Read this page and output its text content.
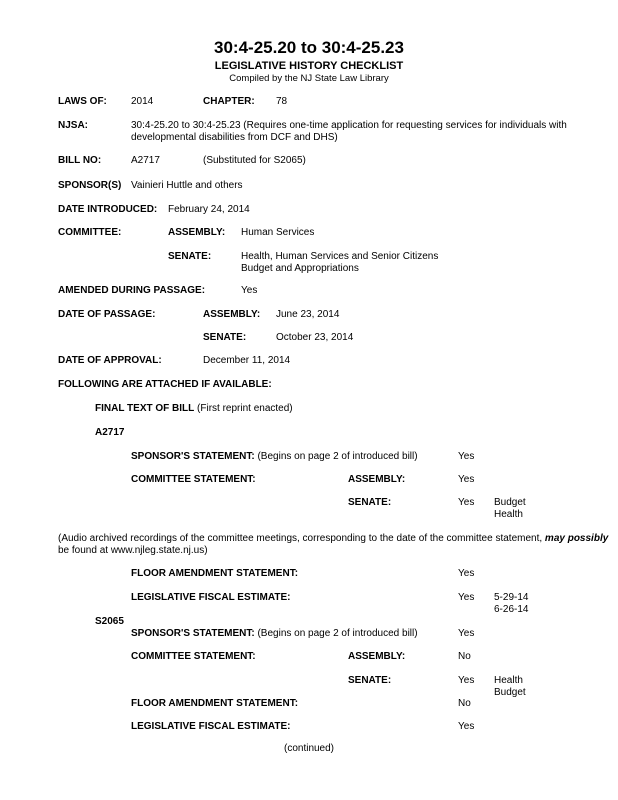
30:4-25.20 to 30:4-25.23
LEGISLATIVE HISTORY CHECKLIST
Compiled by the NJ State Law Library
LAWS OF: 2014	CHAPTER: 78
NJSA:	30:4-25.20 to 30:4-25.23 (Requires one-time application for requesting services for individuals with developmental disabilities from DCF and DHS)
BILL NO:	A2717	(Substituted for S2065)
SPONSOR(S) Vainieri Huttle and others
DATE INTRODUCED: February 24, 2014
COMMITTEE:	ASSEMBLY: Human Services
SENATE:	Health, Human Services and Senior Citizens
Budget and Appropriations
AMENDED DURING PASSAGE:	Yes
DATE OF PASSAGE:	ASSEMBLY: June 23, 2014
SENATE:	October 23, 2014
DATE OF APPROVAL:	December 11, 2014
FOLLOWING ARE ATTACHED IF AVAILABLE:
FINAL TEXT OF BILL (First reprint enacted)
A2717
SPONSOR'S STATEMENT: (Begins on page 2 of introduced bill)	Yes
COMMITTEE STATEMENT:	ASSEMBLY:	Yes
SENATE:	Yes Budget
Health
(Audio archived recordings of the committee meetings, corresponding to the date of the committee statement, may possibly
be found at www.njleg.state.nj.us)
FLOOR AMENDMENT STATEMENT:	Yes
LEGISLATIVE FISCAL ESTIMATE:	Yes 5-29-14
6-26-14
S2065
SPONSOR'S STATEMENT: (Begins on page 2 of introduced bill)	Yes
COMMITTEE STATEMENT:	ASSEMBLY:	No
SENATE:	Yes Health
Budget
FLOOR AMENDMENT STATEMENT:	No
LEGISLATIVE FISCAL ESTIMATE:	Yes
(continued)
